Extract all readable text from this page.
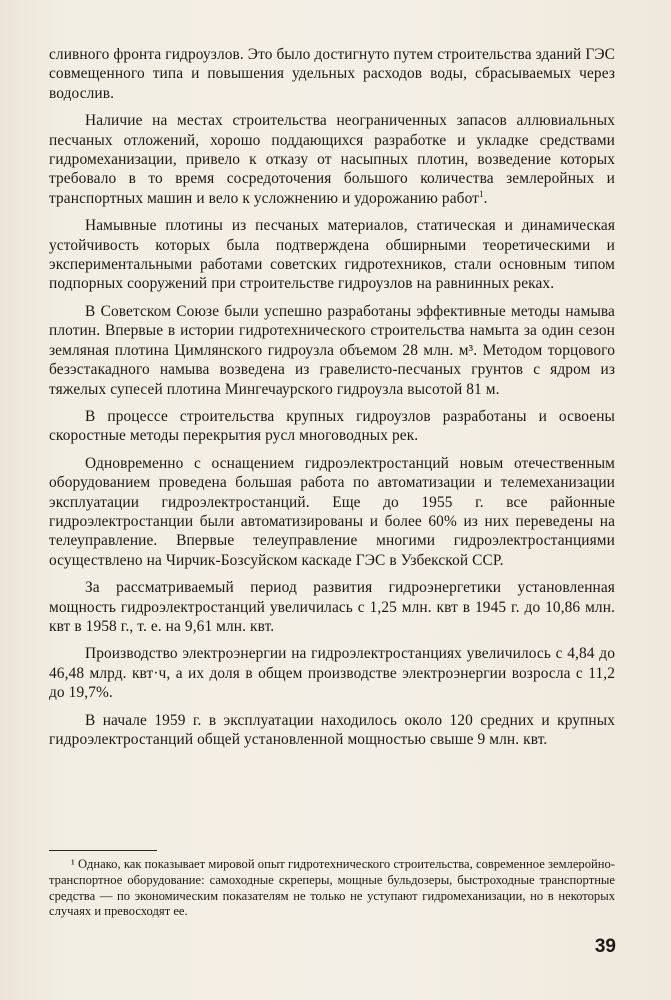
сливного фронта гидроузлов. Это было достигнуто путем строительства зданий ГЭС совмещенного типа и повышения удельных расходов воды, сбрасываемых через водослив.

Наличие на местах строительства неограниченных запасов аллювиальных песчаных отложений, хорошо поддающихся разработке и укладке средствами гидромеханизации, привело к отказу от насыпных плотин, возведение которых требовало в то время сосредоточения большого количества землеройных и транспортных машин и вело к усложнению и удорожанию работ$^1$.

Намывные плотины из песчаных материалов, статическая и динамическая устойчивость которых была подтверждена обширными теоретическими и экспериментальными работами советских гидротехников, стали основным типом подпорных сооружений при строительстве гидроузлов на равнинных реках.

В Советском Союзе были успешно разработаны эффективные методы намыва плотин. Впервые в истории гидротехнического строительства намыта за один сезон земляная плотина Цимлянского гидроузла объемом 28 млн. м³. Методом торцового безэстакадного намыва возведена из гравелисто-песчаных грунтов с ядром из тяжелых супесей плотина Мингечаурского гидроузла высотой 81 м.

В процессе строительства крупных гидроузлов разработаны и освоены скоростные методы перекрытия русл многоводных рек.

Одновременно с оснащением гидроэлектростанций новым отечественным оборудованием проведена большая работа по автоматизации и телемеханизации эксплуатации гидроэлектростанций. Еще до 1955 г. все районные гидроэлектростанции были автоматизированы и более 60% из них переведены на телеуправление. Впервые телеуправление многими гидроэлектростанциями осуществлено на Чирчик-Бозсуйском каскаде ГЭС в Узбекской ССР.

За рассматриваемый период развития гидроэнергетики установленная мощность гидроэлектростанций увеличилась с 1,25 млн. квт в 1945 г. до 10,86 млн. квт в 1958 г., т. е. на 9,61 млн. квт.

Производство электроэнергии на гидроэлектростанциях увеличилось с 4,84 до 46,48 млрд. квт·ч, а их доля в общем производстве электроэнергии возросла с 11,2 до 19,7%.

В начале 1959 г. в эксплуатации находилось около 120 средних и крупных гидроэлектростанций общей установленной мощностью свыше 9 млн. квт.

¹ Однако, как показывает мировой опыт гидротехнического строительства, современное землеройно-транспортное оборудование: самоходные скреперы, мощные бульдозеры, быстроходные транспортные средства — по экономическим показателям не только не уступают гидромеханизации, но в некоторых случаях и превосходят ее.

39
